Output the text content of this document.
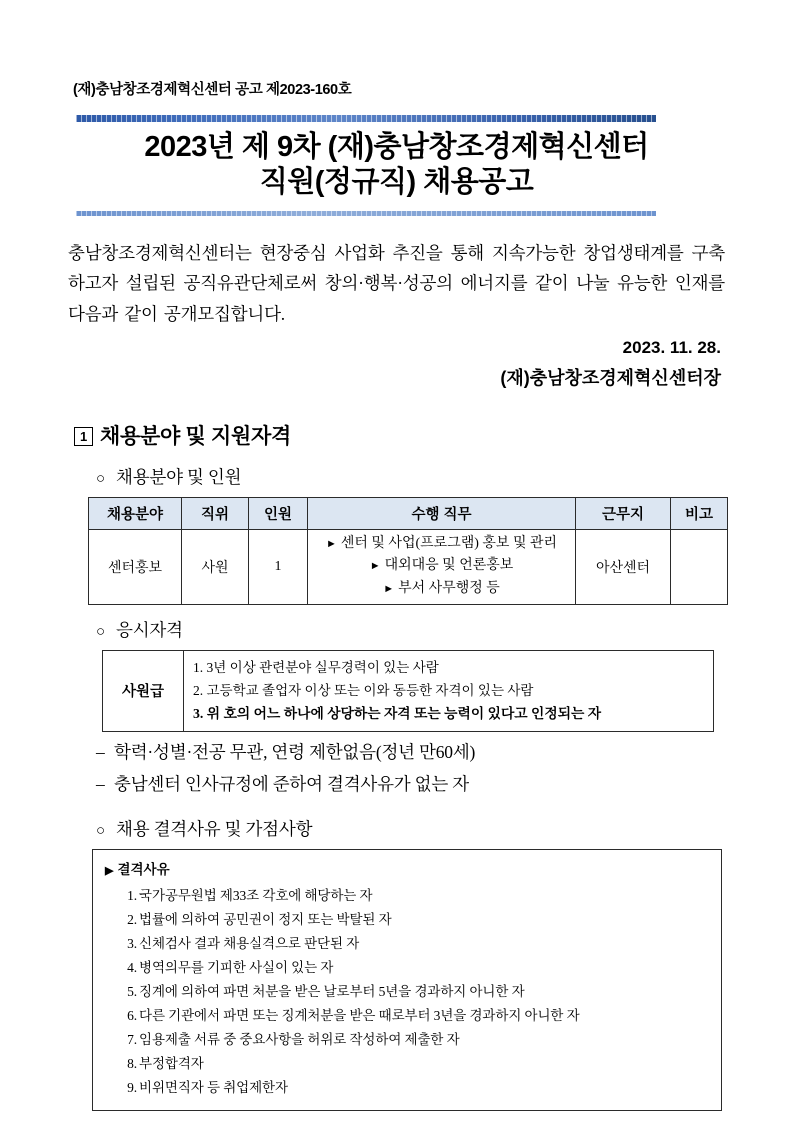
(재)충남창조경제혁신센터 공고 제2023-160호
2023년 제 9차 (재)충남창조경제혁신센터
직원(정규직) 채용공고
충남창조경제혁신센터는 현장중심 사업화 추진을 통해 지속가능한 창업생태계를 구축하고자 설립된 공직유관단체로써 창의·행복·성공의 에너지를 같이 나눌 유능한 인재를 다음과 같이 공개모집합니다.
2023. 11. 28.
(재)충남창조경제혁신센터장
1 채용분야 및 지원자격
○ 채용분야 및 인원
채용분야	직위	인원	수행 직무	근무지	비고
센터홍보	사원	1	► 센터 및 사업(프로그램) 홍보 및 관리
► 대외대응 및 언론홍보
► 부서 사무행정 등	아산센터	
○ 응시자격
사원급	
1. 3년 이상 관련분야 실무경력이 있는 사람
2. 고등학교 졸업자 이상 또는 이와 동등한 자격이 있는 사람
3. 위 호의 어느 하나에 상당하는 자격 또는 능력이 있다고 인정되는 자
– 학력·성별·전공 무관, 연령 제한없음(정년 만60세)
– 충남센터 인사규정에 준하여 결격사유가 없는 자
○ 채용 결격사유 및 가점사항
▶ 결격사유
1. 국가공무원법 제33조 각호에 해당하는 자
2. 법률에 의하여 공민권이 정지 또는 박탈된 자
3. 신체검사 결과 채용실격으로 판단된 자
4. 병역의무를 기피한 사실이 있는 자
5. 징계에 의하여 파면 처분을 받은 날로부터 5년을 경과하지 아니한 자
6. 다른 기관에서 파면 또는 징계처분을 받은 때로부터 3년을 경과하지 아니한 자
7. 임용제출 서류 중 중요사항을 허위로 작성하여 제출한 자
8. 부정합격자
9. 비위면직자 등 취업제한자
